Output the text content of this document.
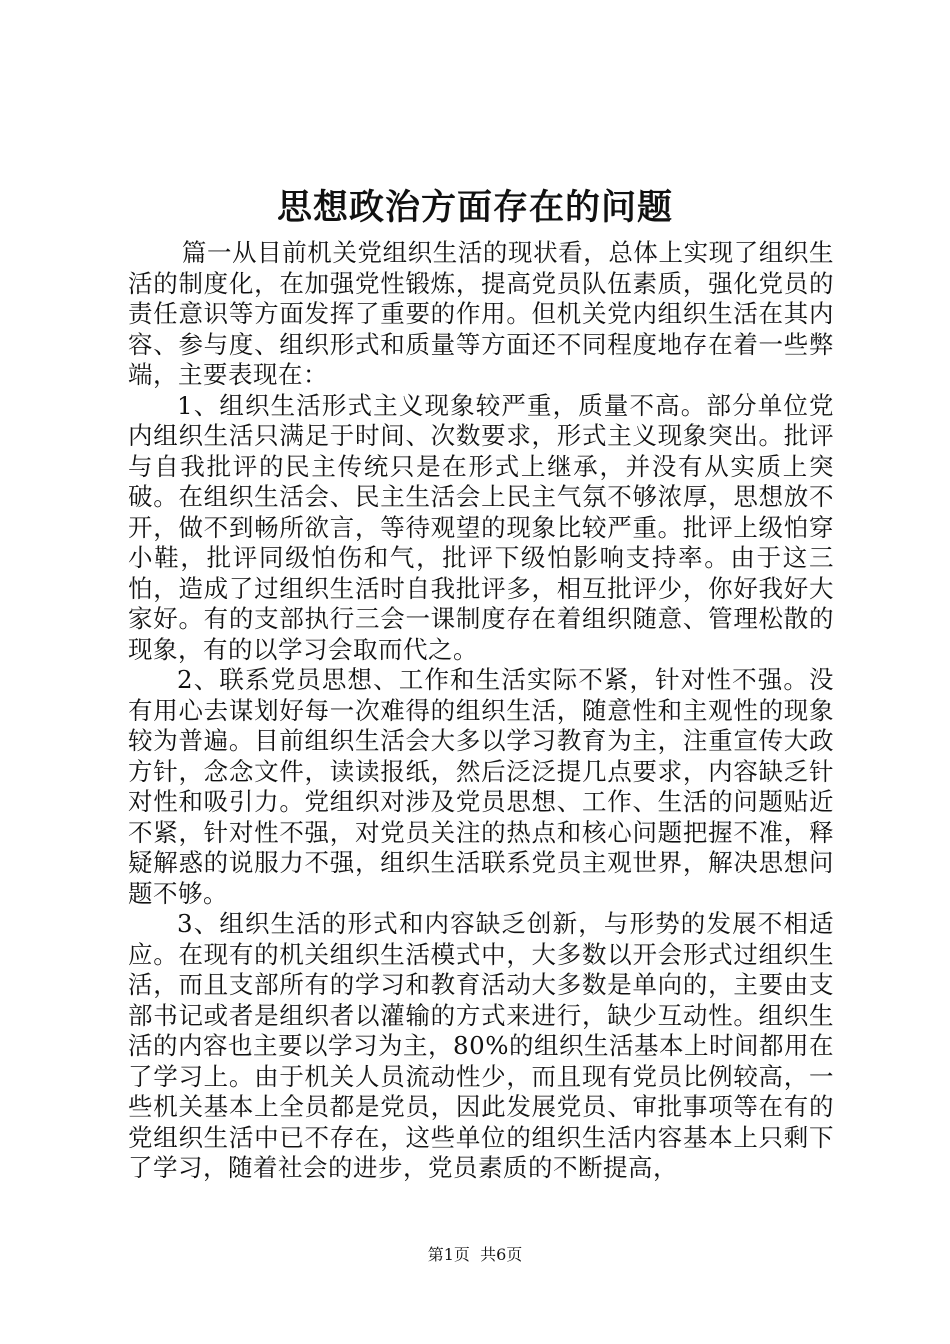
思想政治方面存在的问题

篇一从目前机关党组织生活的现状看，总体上实现了组织生活的制度化，在加强党性锻炼，提高党员队伍素质，强化党员的责任意识等方面发挥了重要的作用。但机关党内组织生活在其内容、参与度、组织形式和质量等方面还不同程度地存在着一些弊端，主要表现在：

1、组织生活形式主义现象较严重，质量不高。部分单位党内组织生活只满足于时间、次数要求，形式主义现象突出。批评与自我批评的民主传统只是在形式上继承，并没有从实质上突破。在组织生活会、民主生活会上民主气氛不够浓厚，思想放不开，做不到畅所欲言，等待观望的现象比较严重。批评上级怕穿小鞋，批评同级怕伤和气，批评下级怕影响支持率。由于这三怕，造成了过组织生活时自我批评多，相互批评少，你好我好大家好。有的支部执行三会一课制度存在着组织随意、管理松散的现象，有的以学习会取而代之。

2、联系党员思想、工作和生活实际不紧，针对性不强。没有用心去谋划好每一次难得的组织生活，随意性和主观性的现象较为普遍。目前组织生活会大多以学习教育为主，注重宣传大政方针，念念文件，读读报纸，然后泛泛提几点要求，内容缺乏针对性和吸引力。党组织对涉及党员思想、工作、生活的问题贴近不紧，针对性不强，对党员关注的热点和核心问题把握不准，释疑解惑的说服力不强，组织生活联系党员主观世界，解决思想问题不够。

3、组织生活的形式和内容缺乏创新，与形势的发展不相适应。在现有的机关组织生活模式中，大多数以开会形式过组织生活，而且支部所有的学习和教育活动大多数是单向的，主要由支部书记或者是组织者以灌输的方式来进行，缺少互动性。组织生活的内容也主要以学习为主，80%的组织生活基本上时间都用在了学习上。由于机关人员流动性少，而且现有党员比例较高，一些机关基本上全员都是党员，因此发展党员、审批事项等在有的党组织生活中已不存在，这些单位的组织生活内容基本上只剩下了学习，随着社会的进步，党员素质的不断提高，

第1页 共6页
